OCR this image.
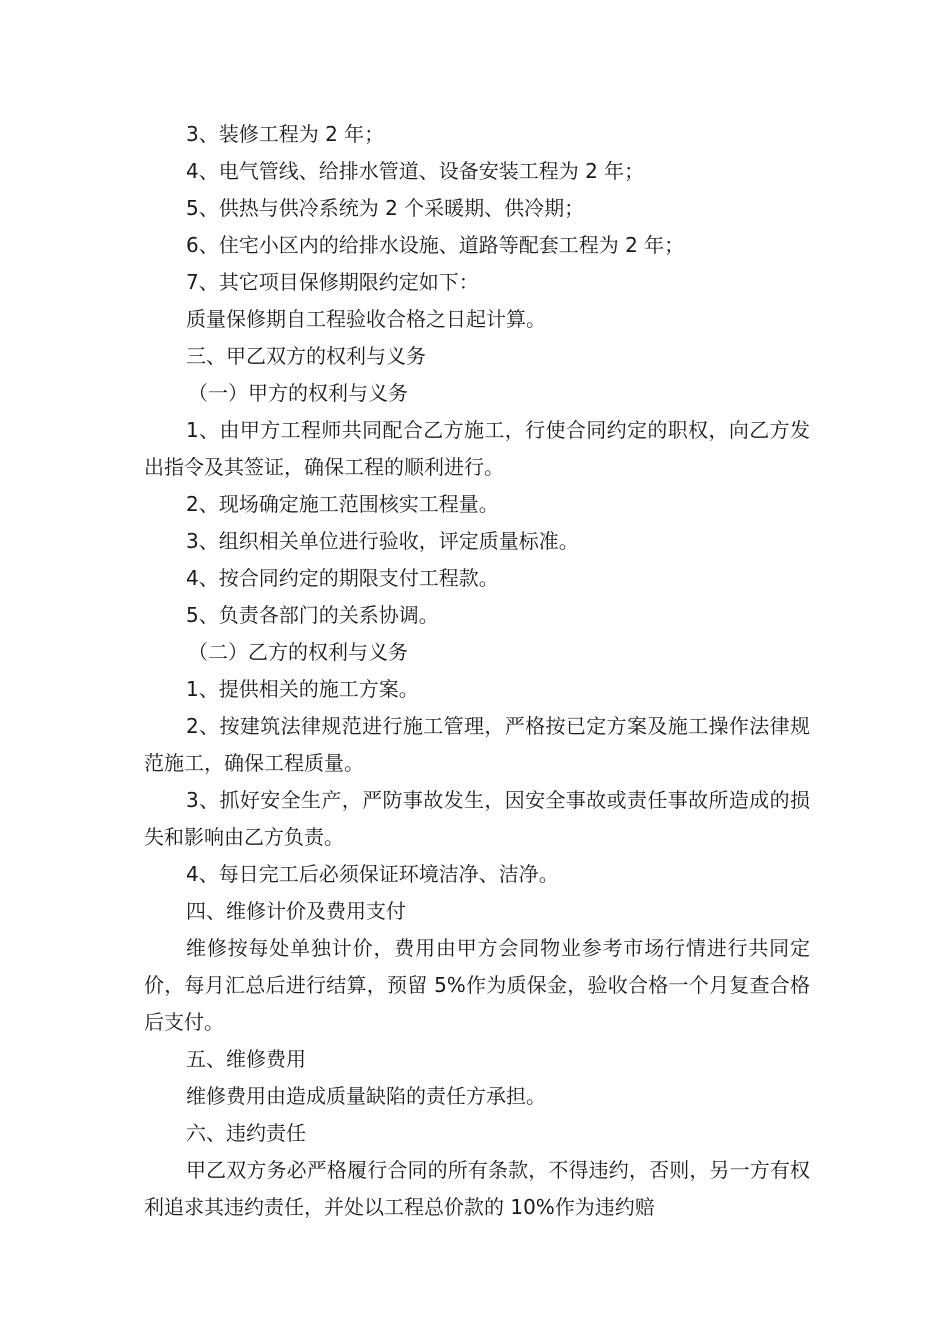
3、装修工程为 2 年；

4、电气管线、给排水管道、设备安装工程为 2 年；

5、供热与供冷系统为 2 个采暖期、供冷期；

6、住宅小区内的给排水设施、道路等配套工程为 2 年；

7、其它项目保修期限约定如下：

质量保修期自工程验收合格之日起计算。

三、甲乙双方的权利与义务

（一）甲方的权利与义务

1、由甲方工程师共同配合乙方施工，行使合同约定的职权，向乙方发出指令及其签证，确保工程的顺利进行。

2、现场确定施工范围核实工程量。

3、组织相关单位进行验收，评定质量标准。

4、按合同约定的期限支付工程款。

5、负责各部门的关系协调。

（二）乙方的权利与义务

1、提供相关的施工方案。

2、按建筑法律规范进行施工管理，严格按已定方案及施工操作法律规范施工，确保工程质量。

3、抓好安全生产，严防事故发生，因安全事故或责任事故所造成的损失和影响由乙方负责。

4、每日完工后必须保证环境洁净、洁净。

四、维修计价及费用支付

维修按每处单独计价，费用由甲方会同物业参考市场行情进行共同定价，每月汇总后进行结算，预留 5%作为质保金，验收合格一个月复查合格后支付。

五、维修费用

维修费用由造成质量缺陷的责任方承担。

六、违约责任

甲乙双方务必严格履行合同的所有条款，不得违约，否则，另一方有权利追求其违约责任，并处以工程总价款的 10%作为违约赔
